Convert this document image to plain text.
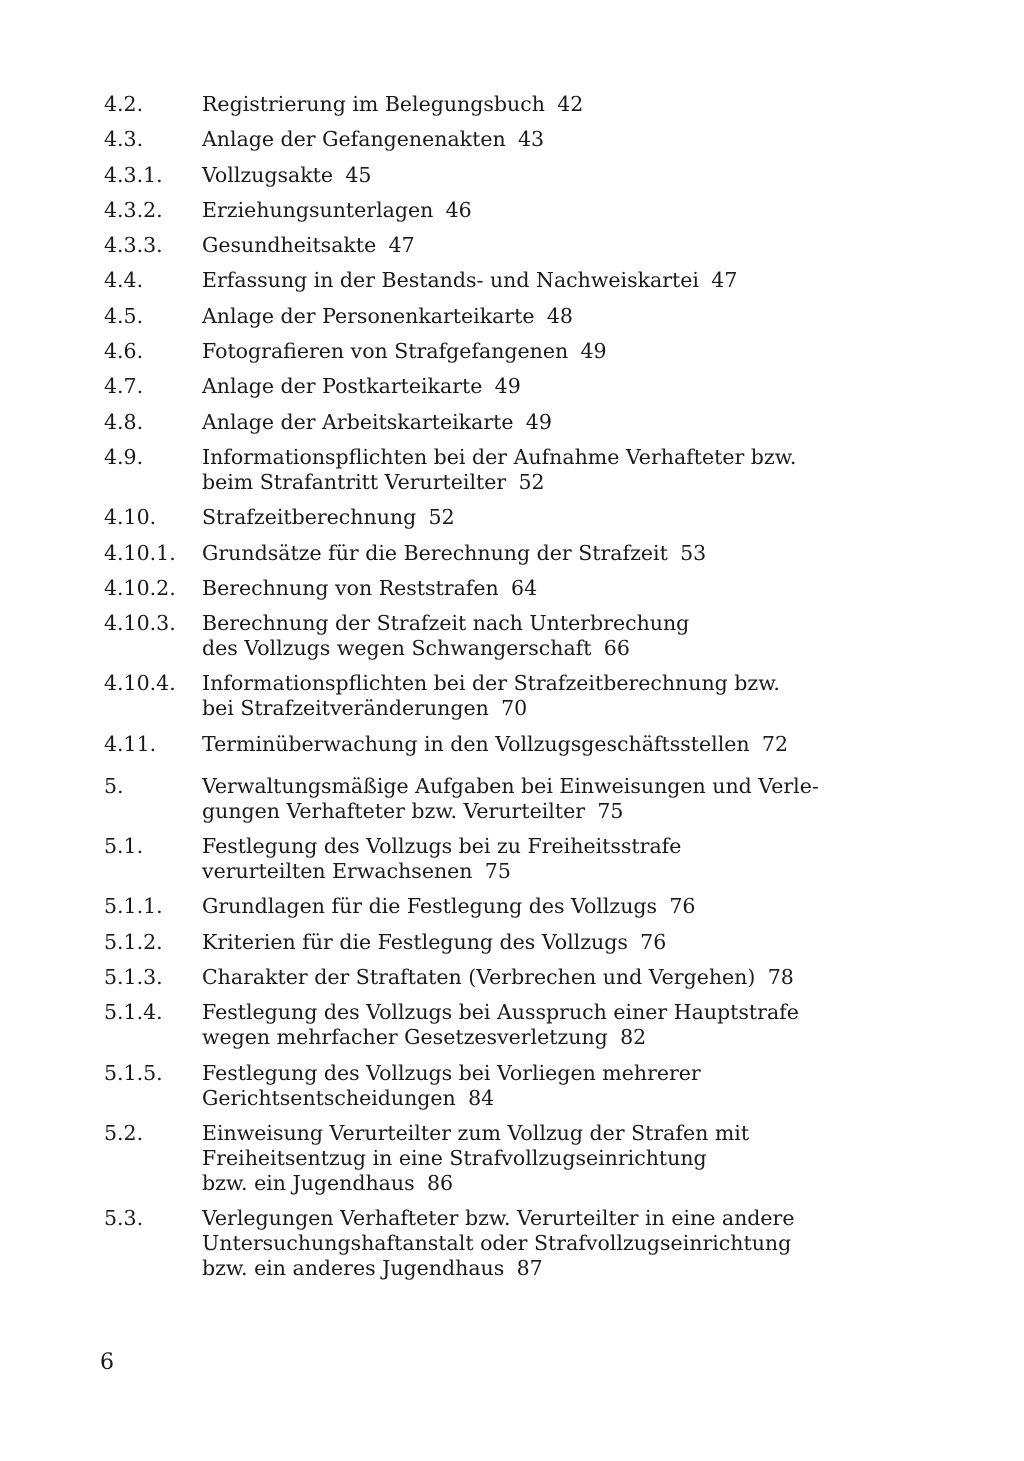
4.2.	Registrierung im Belegungsbuch 42
4.3.	Anlage der Gefangenenakten 43
4.3.1.	Vollzugsakte 45
4.3.2.	Erziehungsunterlagen 46
4.3.3.	Gesundheitsakte 47
4.4.	Erfassung in der Bestands- und Nachweiskartei 47
4.5.	Anlage der Personenkarteikarte 48
4.6.	Fotografieren von Strafgefangenen 49
4.7.	Anlage der Postkarteikarte 49
4.8.	Anlage der Arbeitskarteikarte 49
4.9.	Informationspflichten bei der Aufnahme Verhafteter bzw.
beim Strafantritt Verurteilter 52
4.10.	Strafzeitberechnung 52
4.10.1.	Grundsätze für die Berechnung der Strafzeit 53
4.10.2.	Berechnung von Reststrafen 64
4.10.3.	Berechnung der Strafzeit nach Unterbrechung
des Vollzugs wegen Schwangerschaft 66
4.10.4.	Informationspflichten bei der Strafzeitberechnung bzw.
bei Strafzeitveränderungen 70
4.11.	Terminüberwachung in den Vollzugsgeschäftsstellen 72
5.	Verwaltungsmäßige Aufgaben bei Einweisungen und Verle-
gungen Verhafteter bzw. Verurteilter 75
5.1.	Festlegung des Vollzugs bei zu Freiheitsstrafe
verurteilten Erwachsenen 75
5.1.1.	Grundlagen für die Festlegung des Vollzugs 76
5.1.2.	Kriterien für die Festlegung des Vollzugs 76
5.1.3.	Charakter der Straftaten (Verbrechen und Vergehen) 78
5.1.4.	Festlegung des Vollzugs bei Ausspruch einer Hauptstrafe
wegen mehrfacher Gesetzesverletzung 82
5.1.5.	Festlegung des Vollzugs bei Vorliegen mehrerer
Gerichtsentscheidungen 84
5.2.	Einweisung Verurteilter zum Vollzug der Strafen mit
Freiheitsentzug in eine Strafvollzugseinrichtung
bzw. ein Jugendhaus 86
5.3.	Verlegungen Verhafteter bzw. Verurteilter in eine andere
Untersuchungshaftanstalt oder Strafvollzugseinrichtung
bzw. ein anderes Jugendhaus 87
6
